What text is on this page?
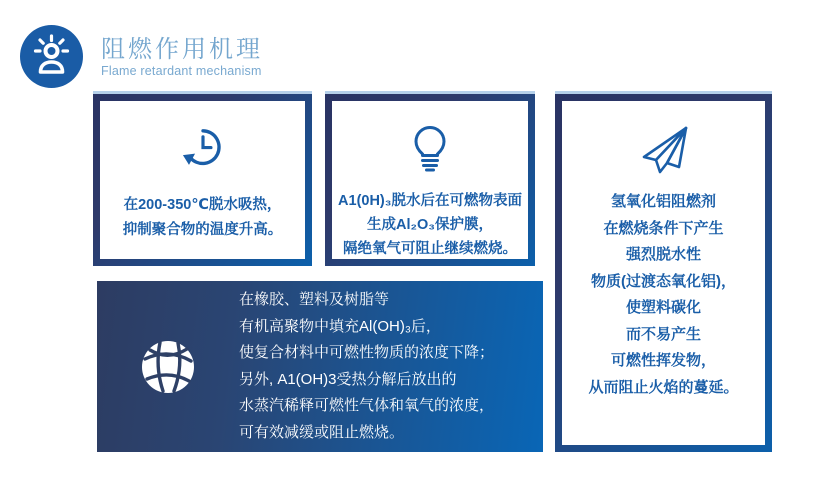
阻燃作用机理
Flame retardant mechanism
在200-350℃脱水吸热，
抑制聚合物的温度升高。
A1(0H)₃脱水后在可燃物表面
生成Al₂O₃保护膜，
隔绝氧气可阻止继续燃烧。
氢氧化铝阻燃剂
在燃烧条件下产生
强烈脱水性
物质(过渡态氧化铝)，
使塑料碳化
而不易产生
可燃性挥发物，
从而阻止火焰的蔓延。
在橡胶、塑料及树脂等
有机高聚物中填充Al(OH)₃后，
使复合材料中可燃性物质的浓度下降；
另外, A1(OH)3受热分解后放出的
水蒸汽稀释可燃性气体和氧气的浓度，
可有效减缓或阻止燃烧。
